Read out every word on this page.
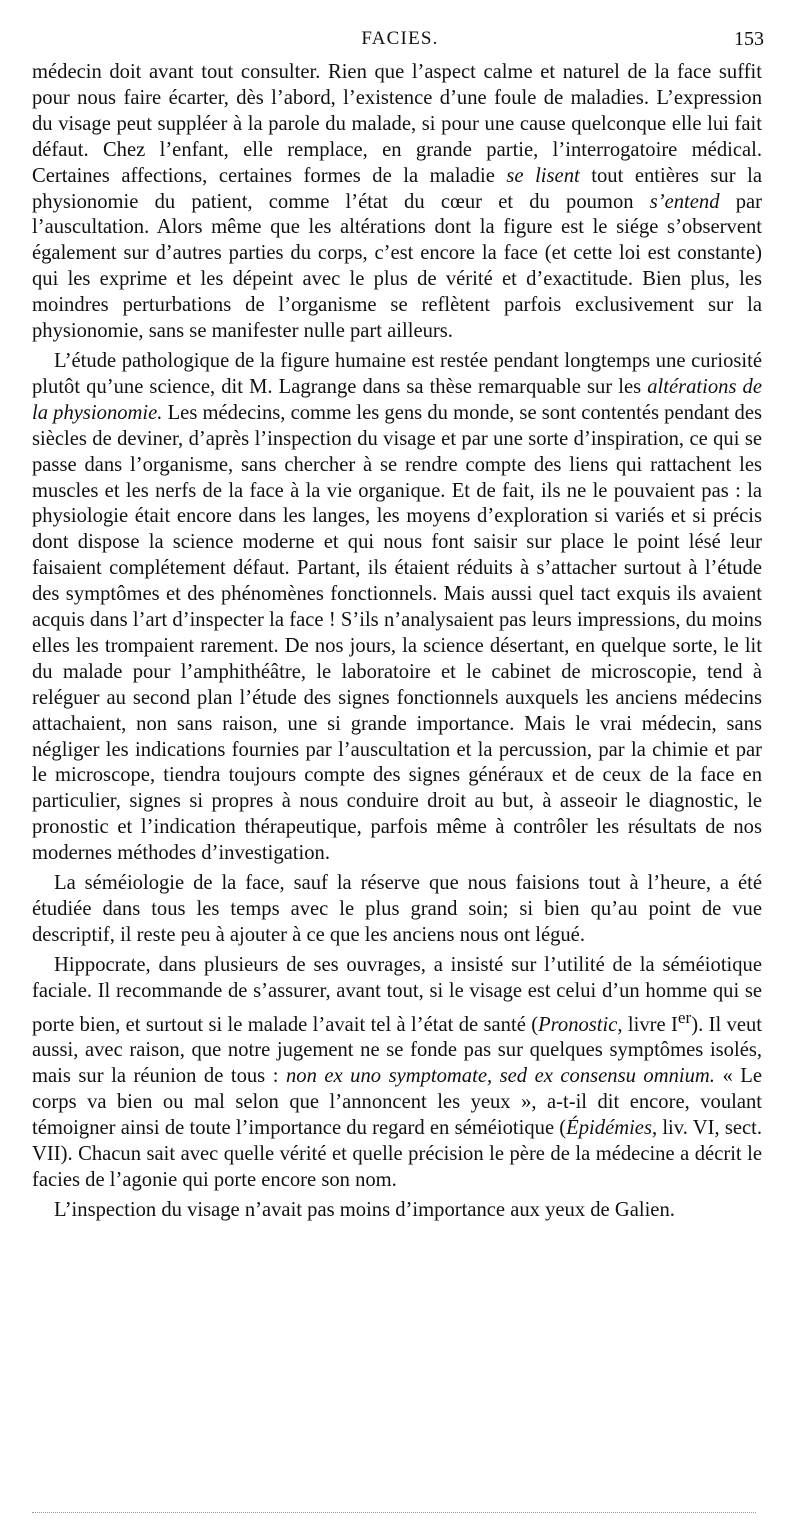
FACIES.	153

médecin doit avant tout consulter. Rien que l’aspect calme et naturel de la face suffit pour nous faire écarter, dès l’abord, l’existence d’une foule de maladies. L’expression du visage peut suppléer à la parole du malade, si pour une cause quelconque elle lui fait défaut. Chez l’enfant, elle remplace, en grande partie, l’interrogatoire médical. Certaines affections, certaines formes de la maladie se lisent tout entières sur la physionomie du patient, comme l’état du cœur et du poumon s’entend par l’auscultation. Alors même que les altérations dont la figure est le siége s’observent également sur d’autres parties du corps, c’est encore la face (et cette loi est constante) qui les exprime et les dépeint avec le plus de vérité et d’exactitude. Bien plus, les moindres perturbations de l’organisme se reflètent parfois exclusivement sur la physionomie, sans se manifester nulle part ailleurs.

L’étude pathologique de la figure humaine est restée pendant longtemps une curiosité plutôt qu’une science, dit M. Lagrange dans sa thèse remarquable sur les altérations de la physionomie. Les médecins, comme les gens du monde, se sont contentés pendant des siècles de deviner, d’après l’inspection du visage et par une sorte d’inspiration, ce qui se passe dans l’organisme, sans chercher à se rendre compte des liens qui rattachent les muscles et les nerfs de la face à la vie organique. Et de fait, ils ne le pouvaient pas : la physiologie était encore dans les langes, les moyens d’exploration si variés et si précis dont dispose la science moderne et qui nous font saisir sur place le point lésé leur faisaient complétement défaut. Partant, ils étaient réduits à s’attacher surtout à l’étude des symptômes et des phénomènes fonctionnels. Mais aussi quel tact exquis ils avaient acquis dans l’art d’inspecter la face ! S’ils n’analysaient pas leurs impressions, du moins elles les trompaient rarement. De nos jours, la science désertant, en quelque sorte, le lit du malade pour l’amphithéâtre, le laboratoire et le cabinet de microscopie, tend à reléguer au second plan l’étude des signes fonctionnels auxquels les anciens médecins attachaient, non sans raison, une si grande importance. Mais le vrai médecin, sans négliger les indications fournies par l’auscultation et la percussion, par la chimie et par le microscope, tiendra toujours compte des signes généraux et de ceux de la face en particulier, signes si propres à nous conduire droit au but, à asseoir le diagnostic, le pronostic et l’indication thérapeutique, parfois même à contrôler les résultats de nos modernes méthodes d’investigation.

La séméiologie de la face, sauf la réserve que nous faisions tout à l’heure, a été étudiée dans tous les temps avec le plus grand soin; si bien qu’au point de vue descriptif, il reste peu à ajouter à ce que les anciens nous ont légué.

Hippocrate, dans plusieurs de ses ouvrages, a insisté sur l’utilité de la séméiotique faciale. Il recommande de s’assurer, avant tout, si le visage est celui d’un homme qui se porte bien, et surtout si le malade l’avait tel à l’état de santé (Pronostic, livre Ier). Il veut aussi, avec raison, que notre jugement ne se fonde pas sur quelques symptômes isolés, mais sur la réunion de tous : non ex uno symptomate, sed ex consensu omnium. « Le corps va bien ou mal selon que l’annoncent les yeux », a-t-il dit encore, voulant témoigner ainsi de toute l’importance du regard en séméiotique (Épidémies, liv. VI, sect. VII). Chacun sait avec quelle vérité et quelle précision le père de la médecine a décrit le facies de l’agonie qui porte encore son nom.

L’inspection du visage n’avait pas moins d’importance aux yeux de Galien.
